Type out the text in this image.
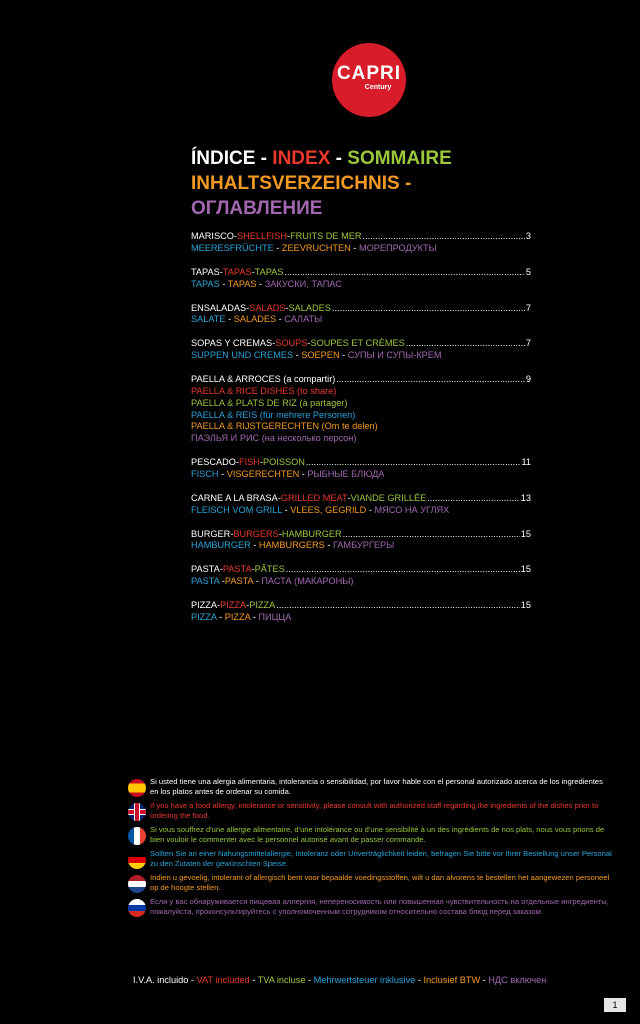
CAPRI
Century
ÍNDICE - INDEX - SOMMAIRE
INHALTSVERZEICHNIS -
ОГЛАВЛЕНИЕ
MARISCO - SHELLFISH - FRUITS DE MER .....	3
MEERESFRÜCHTE - ZEEVRUCHTEN - МОРЕПРОДУКТЫ
TAPAS - TAPAS - TAPAS .....	5
TAPAS - TAPAS - ЗАКУСКИ, ТАПАС
ENSALADAS - SALADS - SALADES .....	7
SALATE - SALADES - САЛАТЫ
SOPAS Y CREMAS - SOUPS - SOUPES ET CRÈMES .....	7
SUPPEN UND CREMES - SOEPEN - СУПЫ И СУПЫ-КРЕМ
PAELLA & ARROCES (a compartir) .....	9
PAELLA & RICE DISHES (to share)
PAELLA & PLATS DE RIZ (à partager)
PAELLA & REIS (für mehrere Personen)
PAELLA & RIJSTGERECHTEN (Om te delen)
ПАЭЛЬЯ И РИС (на несколько персон)
PESCADO - FISH - POISSON .....	11
FISCH - VISGERECHTEN - РЫБНЫЕ БЛЮДА
CARNE A LA BRASA - GRILLED MEAT - VIANDE GRILLÉE .....	13
FLEISCH VOM GRILL - VLEES, GEGRILD - МЯСО НА УГЛЯХ
BURGER - BURGERS - HAMBURGER .....	15
HAMBURGER - HAMBURGERS - ГАМБУРГЕРЫ
PASTA - PASTA - PÂTES .....	15
PASTA -PASTA - ПАСТА (МАКАРОНЫ)
PIZZA - PIZZA - PIZZA .....	15
PIZZA - PIZZA - ПИЦЦА
Si usted tiene una alergia alimentaria, intolerancia o sensibilidad, por favor hable con el personal autorizado acerca de los ingredientes en los platos antes de ordenar su comida.
If you have a food allergy, intolerance or sensitivity, please consult with authorized staff regarding the ingredients of the dishes prior to ordering the food.
Si vous souffrez d'une allergie alimentaire, d'une intolérance ou d'une sensibilité à un des ingrédients de nos plats, nous vous prions de bien vouloir le commenter avec le personnel autorisé avant de passer commande.
Sollten Sie an einer Nahungsmittelallergie, Intoleranz oder Unverträglichkeit leiden, befragen Sie bitte vor Ihrer Bestellung unser Personal zu den Zutaten der gewünschten Speise.
Indien u gevoelig, intolerant of allergisch bent voor bepaalde voedingsstoffen, wilt u dan alvorens te bestellen het aangewezen personeel op de hoogte stellen.
Если у вас обнаруживается пищевая аллергия, непереносимость или повышенная чувствительность на отдельные ингредиенты, пожалуйста, проконсультируйтесь с уполномоченным сотрудником относительно состава блюд перед заказом.
I.V.A. incluido - VAT included - TVA incluse - Mehrwertsteuer inklusive - Inclusief BTW - НДС включен
1
